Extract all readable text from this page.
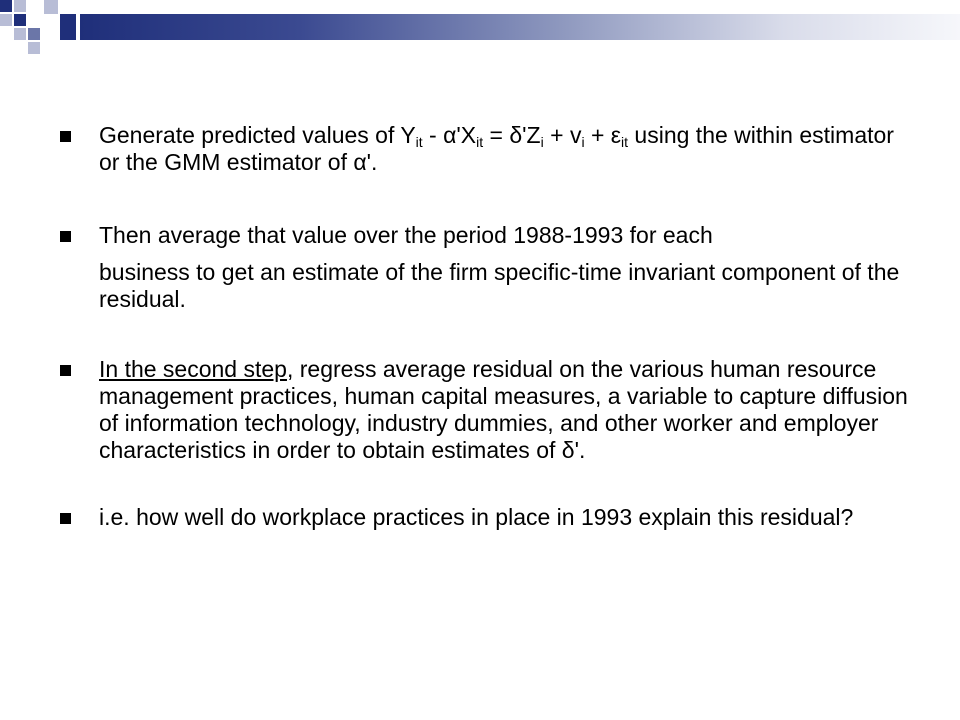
Generate predicted values of $Y_{it} - \alpha'X_{it} = \delta'Z_i + v_i + \varepsilon_{it}$ using the within estimator or the GMM estimator of α'.
Then average that value over the period 1988-1993 for each
business to get an estimate of the firm specific-time invariant component of the residual.
In the second step, regress average residual on the various human resource management practices, human capital measures, a variable to capture diffusion of information technology, industry dummies, and other worker and employer characteristics in order to obtain estimates of δ'.
i.e. how well do workplace practices in place in 1993 explain this residual?
